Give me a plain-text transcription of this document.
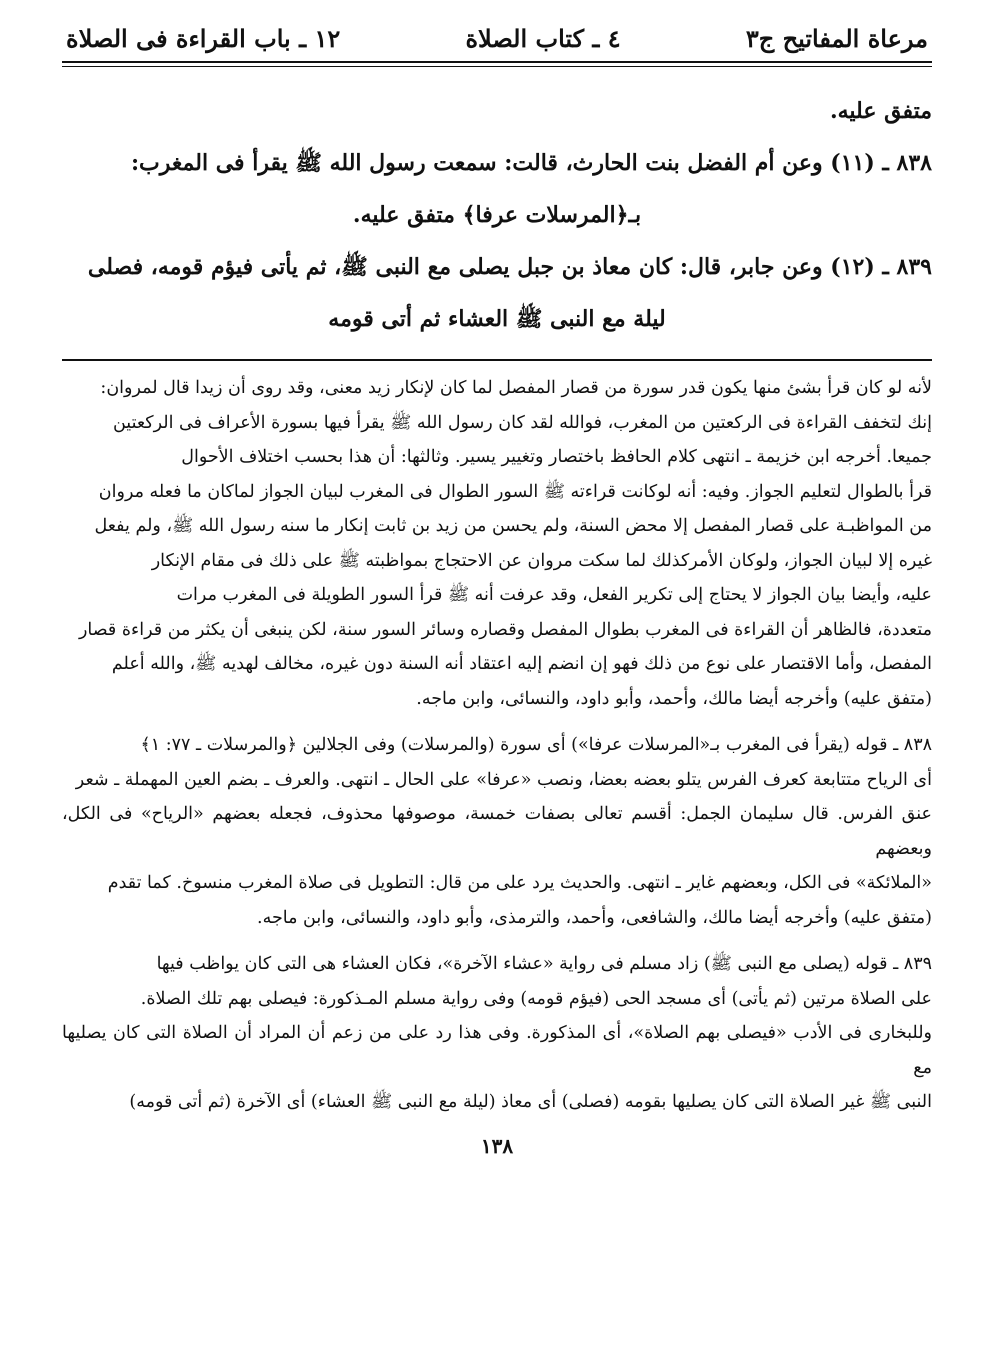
مرعاة المفاتيح ج٣
٤ ـ كتاب الصلاة
١٢ ـ باب القراءة فى الصلاة
متفق عليه.
٨٣٨ ـ (١١) وعن أم الفضل بنت الحارث، قالت: سمعت رسول الله ﷺ يقرأ فى المغرب:
بـ﴿المرسلات عرفا﴾ متفق عليه.
٨٣٩ ـ (١٢) وعن جابر، قال: كان معاذ بن جبل يصلى مع النبى ﷺ، ثم يأتى فيؤم قومه، فصلى
ليلة مع النبى ﷺ العشاء ثم أتى قومه

لأنه لو كان قرأ بشئ منها يكون قدر سورة من قصار المفصل لما كان لإنكار زيد معنى، وقد روى أن زيدا قال لمروان:

إنك لتخفف القراءة فى الركعتين من المغرب، فوالله لقد كان رسول الله ﷺ يقرأ فيها بسورة الأعراف فى الركعتين

جميعا. أخرجه ابن خزيمة ـ انتهى كلام الحافظ باختصار وتغيير يسير. وثالثها: أن هذا بحسب اختلاف الأحوال

قرأ بالطوال لتعليم الجواز. وفيه: أنه لوكانت قراءته ﷺ السور الطوال فى المغرب لبيان الجواز لماكان ما فعله مروان

من المواظبـة على قصار المفصل إلا محض السنة، ولم يحسن من زيد بن ثابت إنكار ما سنه رسول الله ﷺ، ولم يفعل

غيره إلا لبيان الجواز، ولوكان الأمركذلك لما سكت مروان عن الاحتجاج بمواظبته ﷺ على ذلك فى مقام الإنكار

عليه، وأيضا بيان الجواز لا يحتاج إلى تكرير الفعل، وقد عرفت أنه ﷺ قرأ السور الطويلة فى المغرب مرات

متعددة، فالظاهر أن القراءة فى المغرب بطوال المفصل وقصاره وسائر السور سنة، لكن ينبغى أن يكثر من قراءة قصار

المفصل، وأما الاقتصار على نوع من ذلك فهو إن انضم إليه اعتقاد أنه السنة دون غيره، مخالف لهديه ﷺ، والله أعلم

(متفق عليه) وأخرجه أيضا مالك، وأحمد، وأبو داود، والنسائى، وابن ماجه.

٨٣٨ ـ قوله (يقرأ فى المغرب بـ«المرسلات عرفا») أى سورة (والمرسلات) وفى الجلالين ﴿والمرسلات ـ ٧٧: ١﴾

أى الرياح متتابعة كعرف الفرس يتلو بعضه بعضا، ونصب «عرفا» على الحال ـ انتهى. والعرف ـ بضم العين المهملة ـ شعر

عنق الفرس. قال سليمان الجمل: أقسم تعالى بصفات خمسة، موصوفها محذوف، فجعله بعضهم «الرياح» فى الكل، وبعضهم

«الملائكة» فى الكل، وبعضهم غاير ـ انتهى. والحديث يرد على من قال: التطويل فى صلاة المغرب منسوخ. كما تقدم

(متفق عليه) وأخرجه أيضا مالك، والشافعى، وأحمد، والترمذى، وأبو داود، والنسائى، وابن ماجه.

٨٣٩ ـ قوله (يصلى مع النبى ﷺ) زاد مسلم فى رواية «عشاء الآخرة»، فكان العشاء هى التى كان يواظب فيها

على الصلاة مرتين (ثم يأتى) أى مسجد الحى (فيؤم قومه) وفى رواية مسلم المـذكورة: فيصلى بهم تلك الصلاة.

وللبخارى فى الأدب «فيصلى بهم الصلاة»، أى المذكورة. وفى هذا رد على من زعم أن المراد أن الصلاة التى كان يصليها مع

النبى ﷺ غير الصلاة التى كان يصليها بقومه (فصلى) أى معاذ (ليلة مع النبى ﷺ العشاء) أى الآخرة (ثم أتى قومه)

١٣٨
